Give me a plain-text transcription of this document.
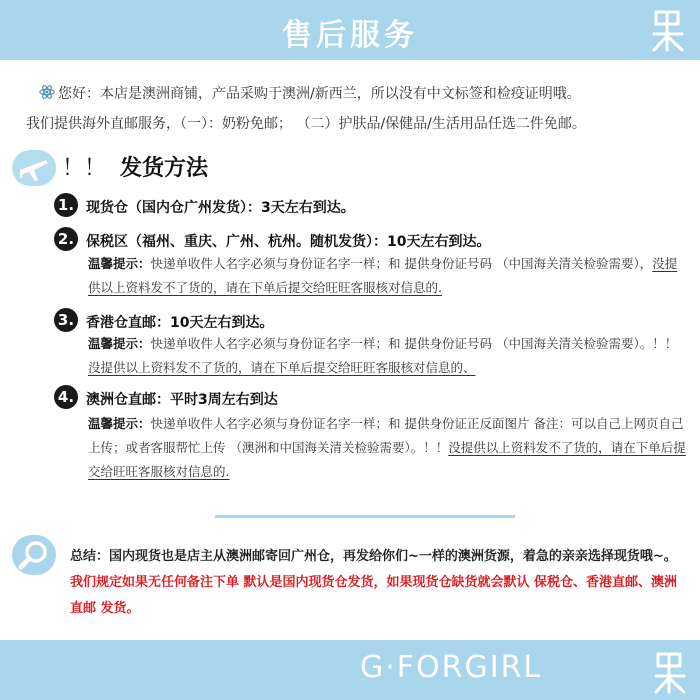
售后服务
您好：本店是澳洲商铺，产品采购于澳洲/新西兰，所以没有中文标签和检疫证明哦。
我们提供海外直邮服务，（一）：奶粉免邮； （二）护肤品/保健品/生活用品任选二件免邮。
！！ 发货方法
1. 现货仓（国内仓广州发货）：3天左右到达。
2. 保税区（福州、重庆、广州、杭州。随机发货）：10天左右到达。
温馨提示：快递单收件人名字必须与身份证名字一样；和 提供身份证号码 （中国海关清关检验需要），没提供以上资料发不了货的，请在下单后提交给旺旺客服核对信息的.
3. 香港仓直邮：10天左右到达。
温馨提示：快递单收件人名字必须与身份证名字一样；和 提供身份证号码 （中国海关清关检验需要）。！！没提供以上资料发不了货的，请在下单后提交给旺旺客服核对信息的、
4. 澳洲仓直邮：平时3周左右到达
温馨提示：快递单收件人名字必须与身份证名字一样；和 提供身份证正反面图片 备注：可以自己上网页自己上传；或者客服帮忙上传 （澳洲和中国海关清关检验需要）。！！没提供以上资料发不了货的，请在下单后提交给旺旺客服核对信息的.
总结：国内现货也是店主从澳洲邮寄回广州仓，再发给你们~一样的澳洲货源，着急的亲亲选择现货哦~。我们规定如果无任何备注下单 默认是国内现货仓发货，如果现货仓缺货就会默认 保税仓、香港直邮、澳洲直邮 发货。
G·FORGIRL
